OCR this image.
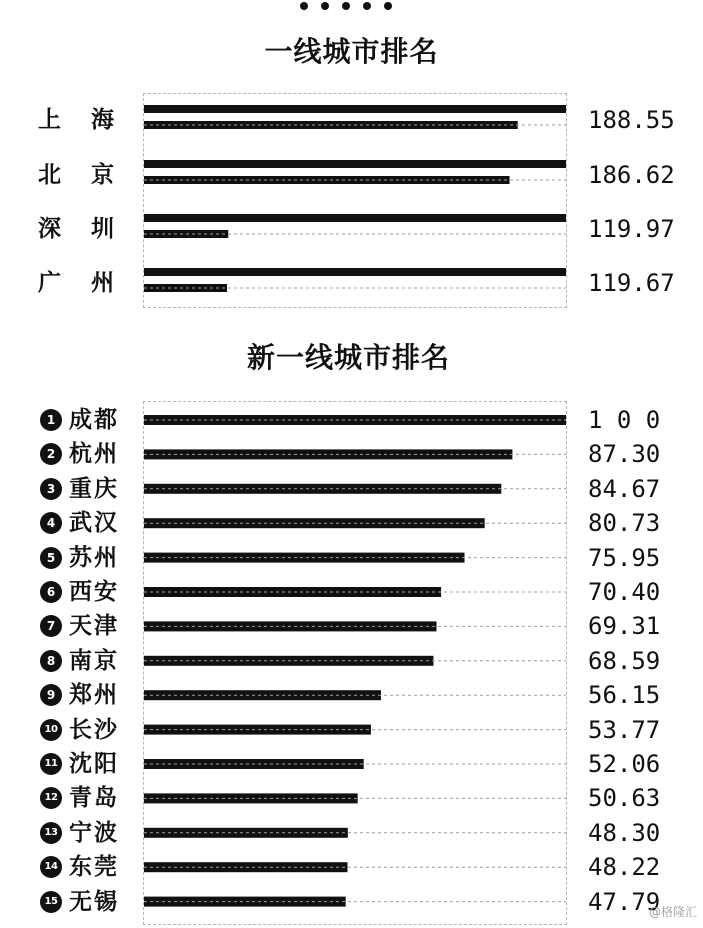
一线城市排名
新一线城市排名
上海	188.55
北京	186.62
深圳	119.97
广州	119.67
1 成都	1 0 0
2 杭州	87.30
3 重庆	84.67
4 武汉	80.73
5 苏州	75.95
6 西安	70.40
7 天津	69.31
8 南京	68.59
9 郑州	56.15
10 长沙	53.77
11 沈阳	52.06
12 青岛	50.63
13 宁波	48.30
14 东莞	48.22
15 无锡	47.79
@格隆汇
